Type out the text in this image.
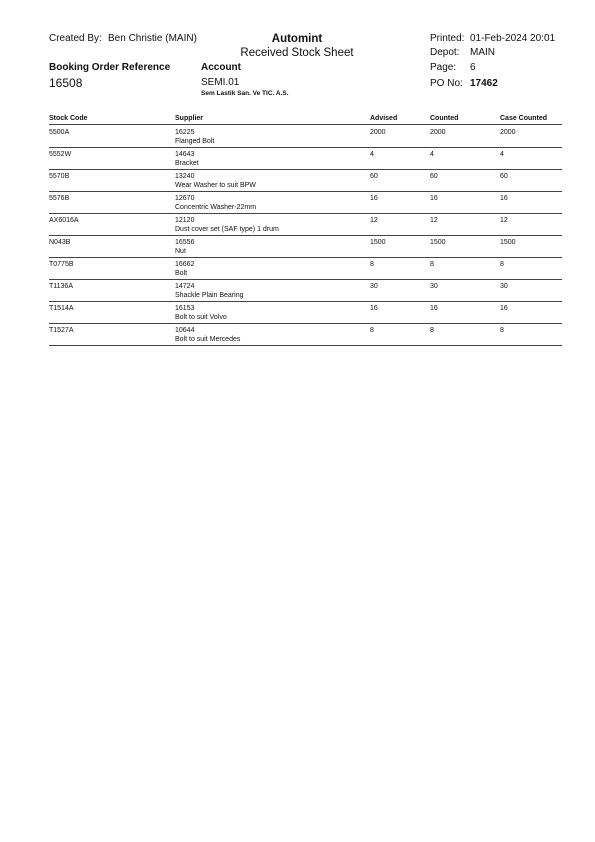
Created By: Ben Christie (MAIN)	Automint
Received Stock Sheet
Printed: 01-Feb-2024 20:01
Depot: MAIN
Page: 6
PO No: 17462
Booking Order Reference
16508
Account
SEMI.01
Sem Lastik San. Ve TIC. A.S.
Stock Code	Supplier	Advised	Counted	Case Counted
5500A	16225	2000	2000	2000
Flanged Bolt
5552W	14643	4	4	4
Bracket
5570B	13240	60	60	60
Wear Washer to suit BPW
5576B	12670	16	16	16
Concentric Washer-22mm
AX6016A	12120	12	12	12
Dust cover set (SAF type) 1 drum
N043B	16556	1500	1500	1500
Nut
T0775B	16662	8	8	8
Bolt
T1136A	14724	30	30	30
Shackle Plain Bearing
T1514A	16153	16	16	16
Bolt to suit Volvo
T1527A	10644	8	8	8
Bolt to suit Mercedes
